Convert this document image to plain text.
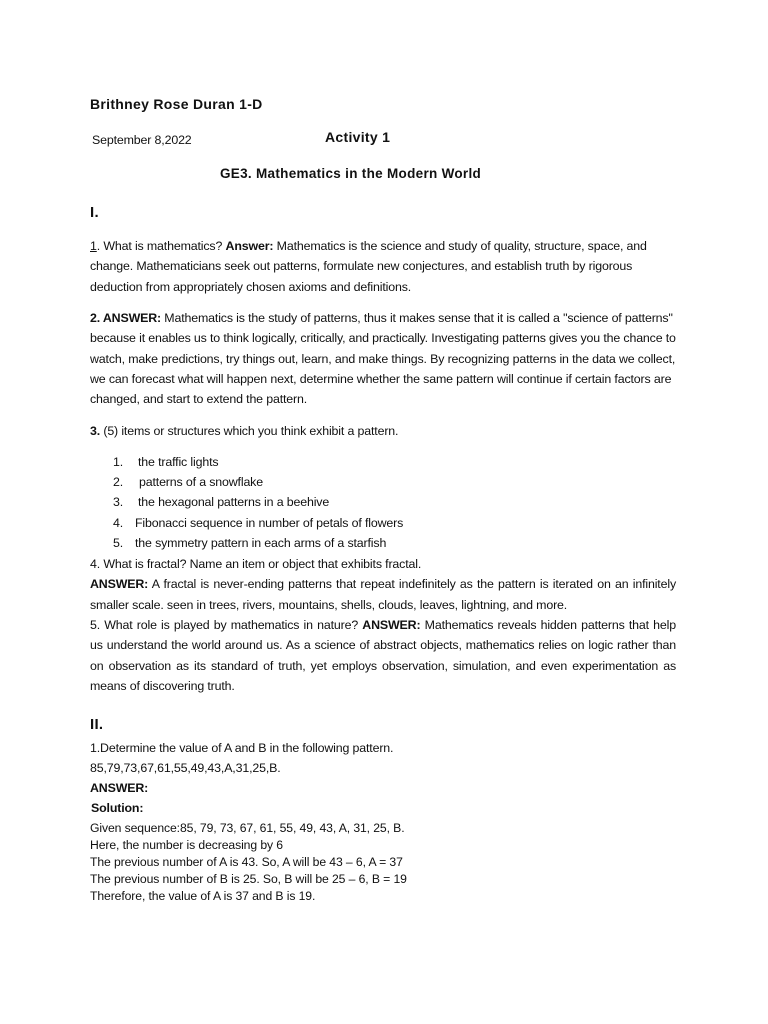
Brithney Rose Duran 1-D
September 8,2022	Activity 1
GE3. Mathematics in the Modern World
I.

1. What is mathematics? Answer: Mathematics is the science and study of quality, structure, space, and change. Mathematicians seek out patterns, formulate new conjectures, and establish truth by rigorous deduction from appropriately chosen axioms and definitions.

2. ANSWER: Mathematics is the study of patterns, thus it makes sense that it is called a "science of patterns" because it enables us to think logically, critically, and practically. Investigating patterns gives you the chance to watch, make predictions, try things out, learn, and make things. By recognizing patterns in the data we collect, we can forecast what will happen next, determine whether the same pattern will continue if certain factors are changed, and start to extend the pattern.

3. (5) items or structures which you think exhibit a pattern.
1. the traffic lights
2. patterns of a snowflake
3. the hexagonal patterns in a beehive
4. Fibonacci sequence in number of petals of flowers
5. the symmetry pattern in each arms of a starfish

4. What is fractal? Name an item or object that exhibits fractal.

ANSWER: A fractal is never-ending patterns that repeat indefinitely as the pattern is iterated on an infinitely smaller scale. seen in trees, rivers, mountains, shells, clouds, leaves, lightning, and more.

5. What role is played by mathematics in nature? ANSWER: Mathematics reveals hidden patterns that help us understand the world around us. As a science of abstract objects, mathematics relies on logic rather than on observation as its standard of truth, yet employs observation, simulation, and even experimentation as means of discovering truth.

II.
1.Determine the value of A and B in the following pattern.
85,79,73,67,61,55,49,43,A,31,25,B.
ANSWER:
Solution:
Given sequence:85, 79, 73, 67, 61, 55, 49, 43, A, 31, 25, B.
Here, the number is decreasing by 6
The previous number of A is 43. So, A will be 43 – 6, A = 37
The previous number of B is 25. So, B will be 25 – 6, B = 19
Therefore, the value of A is 37 and B is 19.
